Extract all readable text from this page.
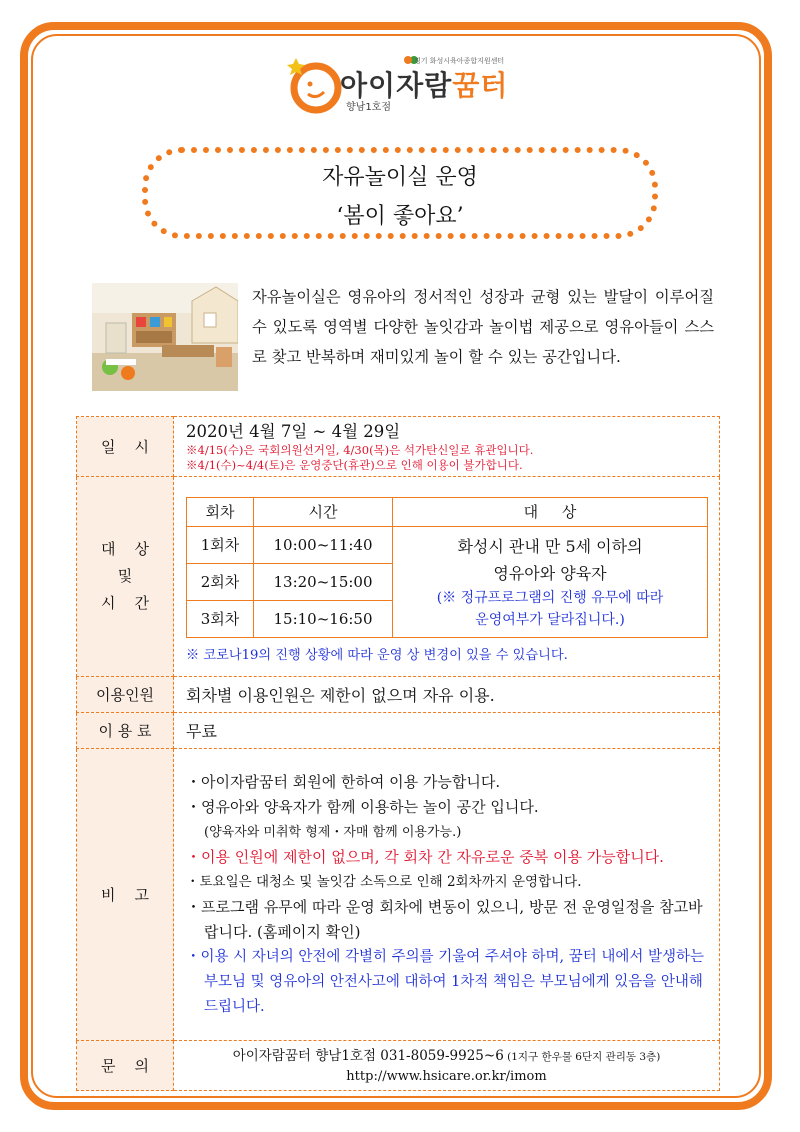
경기 화성시육아종합지원센터
아이자람꿈터
향남1호점
자유놀이실 운영
‘봄이 좋아요’
자유놀이실은 영유아의 정서적인 성장과 균형 있는 발달이 이루어질 수 있도록 영역별 다양한 놀잇감과 놀이법 제공으로 영유아들이 스스로 찾고 반복하며 재미있게 놀이 할 수 있는 공간입니다.
일    시	
2020년 4월 7일 ~ 4월 29일
※4/15(수)은 국회의원선거일, 4/30(목)은 석가탄신일로 휴관입니다.
※4/1(수)~4/4(토)은 운영중단(휴관)으로 인해 이용이 불가합니다.

대    상
및
시    간

회차	시간	대     상
1회차	10:00~11:40	화성시 관내 만 5세 이하의
영유아와 양육자
(※ 정규프로그램의 진행 유무에 따라
운영여부가 달라집니다.)

2회차	13:20~15:00
3회차	15:10~16:50
※ 코로나19의 진행 상황에 따라 운영 상 변경이 있을 수 있습니다.

이용인원	회차별 이용인원은 제한이 없으며 자유 이용.
이 용 료	무료
비    고	
・아이자람꿈터 회원에 한하여 이용 가능합니다.
・영유아와 양육자가 함께 이용하는 놀이 공간 입니다.
(양육자와 미취학 형제・자매 함께 이용가능.)
・이용 인원에 제한이 없으며, 각 회차 간 자유로운 중복 이용 가능합니다.
・토요일은 대청소 및 놀잇감 소독으로 인해 2회차까지 운영합니다.
・프로그램 유무에 따라 운영 회차에 변동이 있으니, 방문 전 운영일정을 참고바랍니다. (홈페이지 확인)
・이용 시 자녀의 안전에 각별히 주의를 기울여 주셔야 하며, 꿈터 내에서 발생하는 부모님 및 영유아의 안전사고에 대하여 1차적 책임은 부모님에게 있음을 안내해 드립니다.

문    의	
아이자람꿈터 향남1호점 031-8059-9925~6 (1지구 한우물 6단지 관리동 3층)
http://www.hsicare.or.kr/imom
